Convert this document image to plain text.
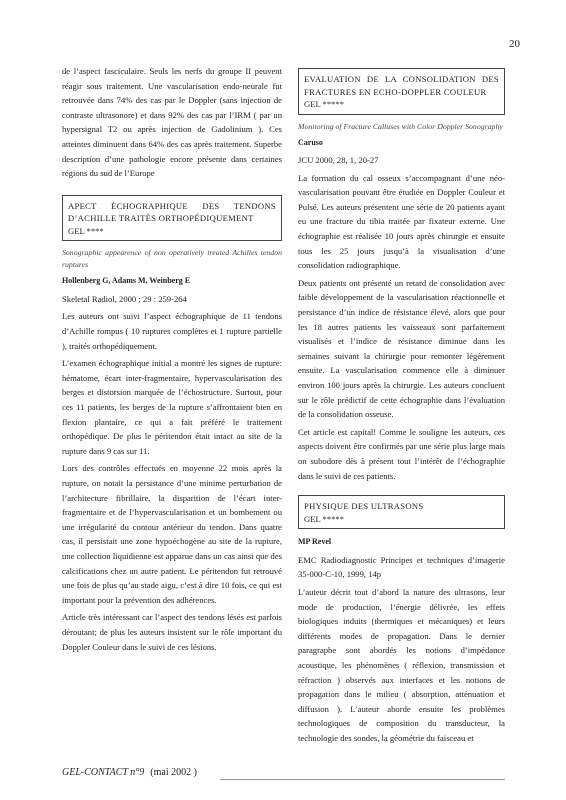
20

de l’aspect fasciculaire. Seuls les nerfs du groupe II peuvent réagir sous traitement. Une vascularisation endo-neurale fut retrouvée dans 74% des cas par le Doppler (sans injection de contraste ultrasonore) et dans 92% des cas par l’IRM ( par un hypersignal T2 ou après injection de Gadolinium ). Ces atteintes diminuent dans 64% des cas après traitement. Superbe description d’une pathologie encore présente dans certaines régions du sud de l’Europe

APECT ÉCHOGRAPHIQUE DES TENDONS D’ACHILLE TRAITÉS ORTHOPÉDIQUEMENT
GEL ****

Sonographic appearence of non operatively treated Achilles tendon ruptures

Hollenberg G, Adams M, Weinberg E

Skeletal Radiol, 2000 ; 29 : 259-264

Les auteurs ont suivi l’aspect échographique de 11 tendons d’Achille rompus ( 10 ruptures complètes et 1 rupture partielle ), traités orthopédiquement.

L’examen échographique initial a montré les signes de rupture: hématome, écart inter-fragmentaire, hypervascularisation des berges et distorsion marquée de l’échostructure. Surtout, pour ces 11 patients, les berges de la rupture s’affrontaient bien en flexion plantaire, ce qui a fait préféré le traitement orthopédique. De plus le péritendon était intact au site de la rupture dans 9 cas sur 11.

Lors des contrôles effectués en moyenne 22 mois après la rupture, on notait la persistance d’une minime perturbation de l’architecture fibrillaire, la disparition de l’écart inter-fragmentaire et de l’hypervascularisation et un bombement ou une irrégularité du contour antérieur du tendon. Dans quatre cas, il persistait une zone hypoéchogène au site de la rupture, une collection liquidienne est apparue dans un cas ainsi que des calcifications chez un autre patient. Le péritendon fut retrouvé une fois de plus qu’au stade aigu, c’est à dire 10 fois, ce qui est important pour la prévention des adhérences.

Article très intéressant car l’aspect des tendons lésés est parfois déroutant; de plus les auteurs insistent sur le rôle important du Doppler Couleur dans le suivi de ces lésions.

EVALUATION DE LA CONSOLIDATION DES FRACTURES EN ECHO-DOPPLER COULEUR
GEL *****

Monitoring of Fracture Calluses with Color Doppler Sonography

Caruso

JCU 2000, 28, 1, 20-27

La formation du cal osseux s’accompagnant d’une néo-vascularisation pouvant être étudiée en Doppler Couleur et Pulsé. Les auteurs présentent une série de 20 patients ayant eu une fracture du tibia traitée par fixateur externe. Une échographie est réalisée 10 jours après chirurgie et ensuite tous les 25 jours jusqu’à la visualisation d’une consolidation radiographique.

Deux patients ont présenté un retard de consolidation avec faible développement de la vascularisation réactionnelle et persistance d’un indice de résistance élevé, alors que pour les 18 autres patients les vaisseaux sont parfaitement visualisés et l’indice de résistance diminue dans les semaines suivant la chirurgie pour remonter légèrement ensuite. La vascularisation commence elle à diminuer environ 100 jours après la chirurgie. Les auteurs concluent sur le rôle prédictif de cette échographie dans l’évaluation de la consolidation osseuse.

Cet article est capital! Comme le souligne les auteurs, ces aspects doivent être confirmés par une série plus large mais on subodore dès à présent tout l’intérêt de l’échographie dans le suivi de ces patients.

PHYSIQUE DES ULTRASONS
GEL *****

MP Revel

EMC Radiodiagnostic Principes et techniques d’imagerie 35-000-C-10, 1999, 14p

L’auteur décrit tout d’abord la nature des ultrasons, leur mode de production, l’énergie délivrée, les effets biologiques induits (thermiques et mécaniques) et leurs différents modes de propagation. Dans le dernier paragraphe sont abordés les notions d’impédance acoustique, les phénomènes ( réflexion, transmission et réfraction ) observés aux interfaces et les notions de propagation dans le milieu ( absorption, atténuation et diffusion ). L’auteur aborde ensuite les problèmes technologiques de composition du transducteur, la technologie des sondes, la géométrie du faisceau et

GEL-CONTACT n°9 (mai 2002 )
